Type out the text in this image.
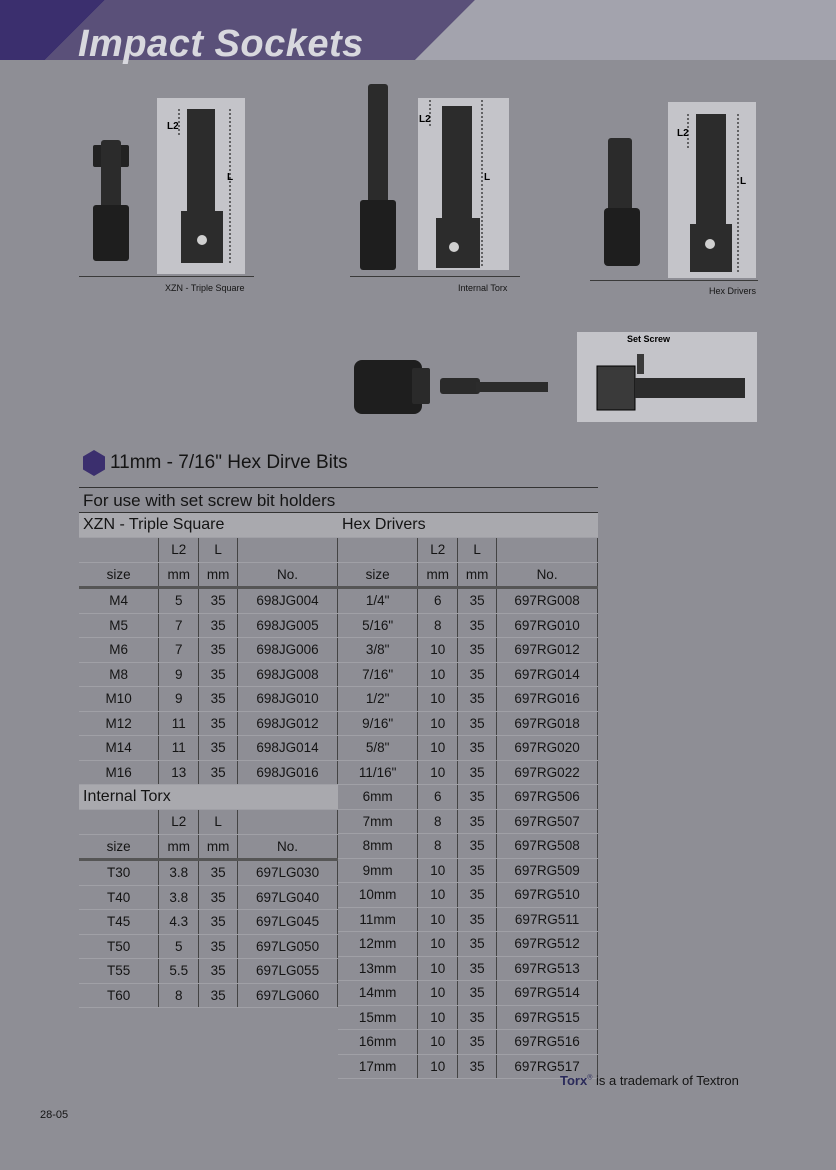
Impact Sockets
L2
L
XZN - Triple Square
L2
L
Internal Torx
L2
L
Hex Drivers
Set Screw
11mm - 7/16" Hex Dirve Bits
For use with set screw bit holders
XZN - Triple Square			
	L2	L	
size	mm	mm	No.
M4	5	35	698JG004
M5	7	35	698JG005
M6	7	35	698JG006
M8	9	35	698JG008
M10	9	35	698JG010
M12	11	35	698JG012
M14	11	35	698JG014
M16	13	35	698JG016
Internal Torx			
	L2	L	
size	mm	mm	No.
T30	3.8	35	697LG030
T40	3.8	35	697LG040
T45	4.3	35	697LG045
T50	5	35	697LG050
T55	5.5	35	697LG055
T60	8	35	697LG060
Hex Drivers			
	L2	L	
size	mm	mm	No.
1/4"	6	35	697RG008
5/16"	8	35	697RG010
3/8"	10	35	697RG012
7/16"	10	35	697RG014
1/2"	10	35	697RG016
9/16"	10	35	697RG018
5/8"	10	35	697RG020
11/16"	10	35	697RG022
6mm	6	35	697RG506
7mm	8	35	697RG507
8mm	8	35	697RG508
9mm	10	35	697RG509
10mm	10	35	697RG510
11mm	10	35	697RG511
12mm	10	35	697RG512
13mm	10	35	697RG513
14mm	10	35	697RG514
15mm	10	35	697RG515
16mm	10	35	697RG516
17mm	10	35	697RG517
Torx® is a trademark of Textron
28-05
